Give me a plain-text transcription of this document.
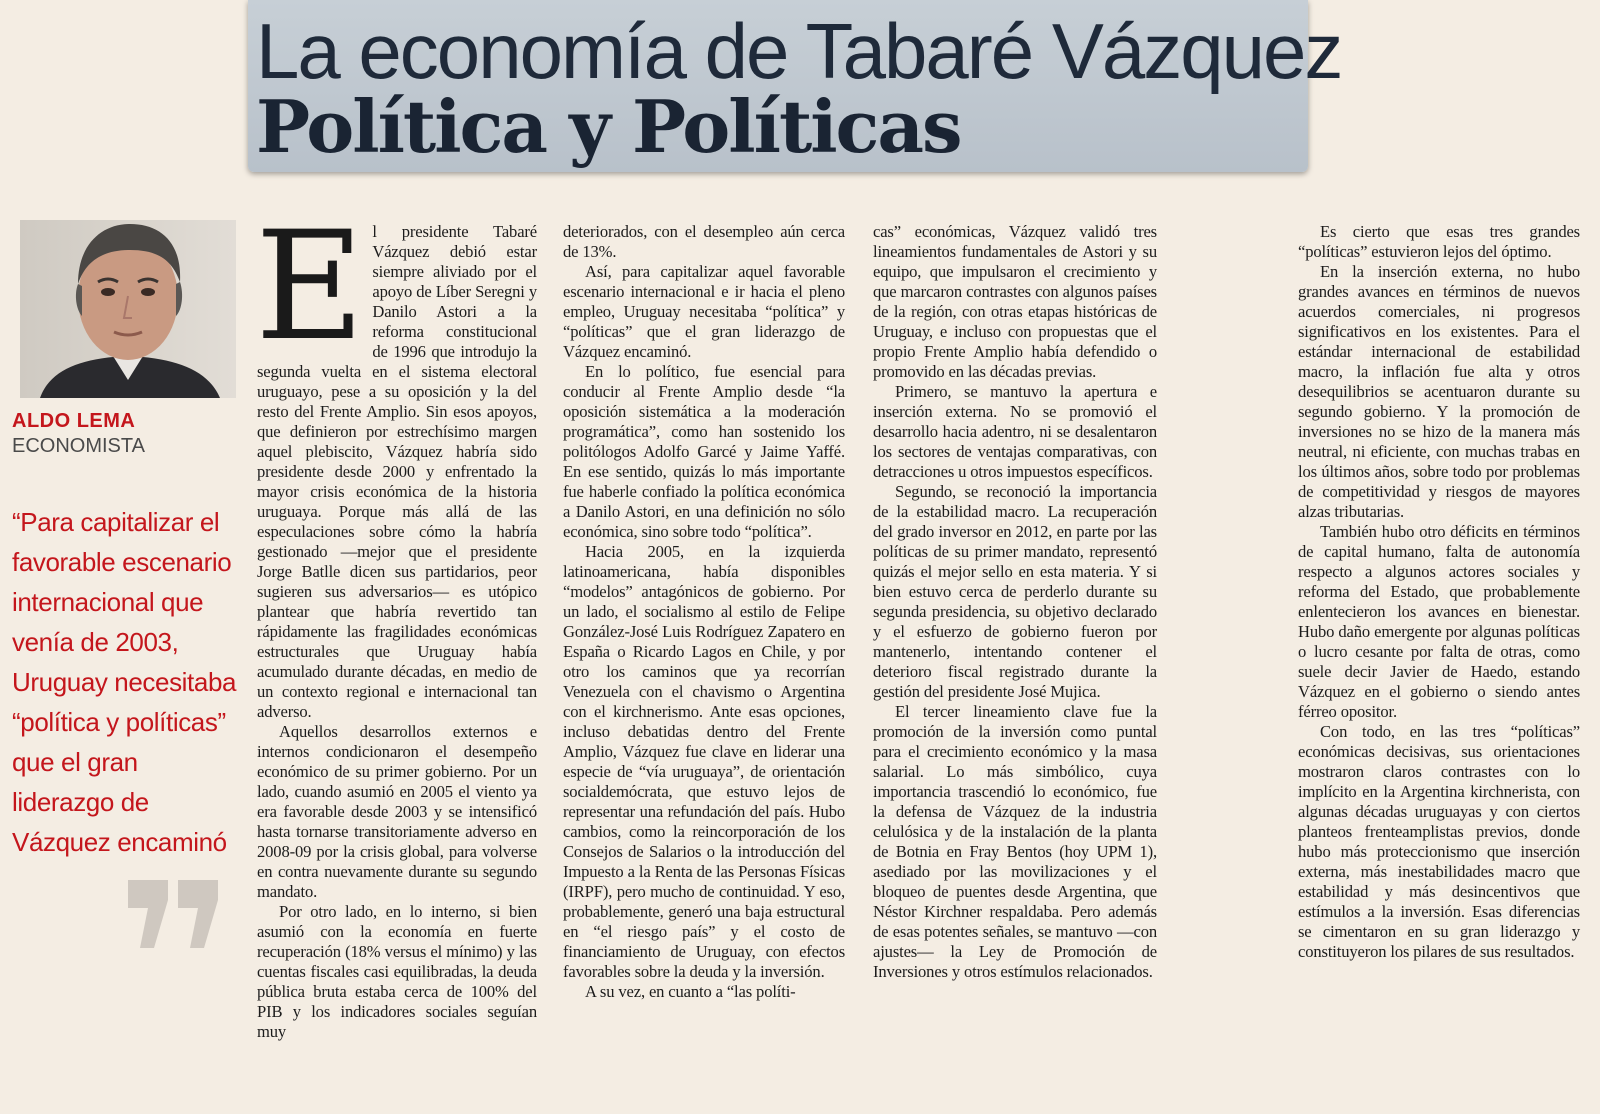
La economía de Tabaré Vázquez
Política y Políticas
ALDO LEMA
ECONOMISTA

“Para capitalizar el favorable escenario internacional que venía de 2003, Uruguay necesitaba “política y políticas” que el gran liderazgo de Vázquez encaminó

E l presidente Tabaré Vázquez debió estar siempre aliviado por el apoyo de Líber Seregni y Danilo Astori a la reforma constitucional de 1996 que introdujo la segunda vuelta en el sistema electoral uruguayo, pese a su oposición y la del resto del Frente Amplio. Sin esos apoyos, que definieron por estrechísimo margen aquel plebiscito, Vázquez habría sido presidente desde 2000 y enfrentado la mayor crisis económica de la historia uruguaya. Porque más allá de las especulaciones sobre cómo la habría gestionado —mejor que el presidente Jorge Batlle dicen sus partidarios, peor sugieren sus adversarios— es utópico plantear que habría revertido tan rápidamente las fragilidades económicas estructurales que Uruguay había acumulado durante décadas, en medio de un contexto regional e internacional tan adverso.

Aquellos desarrollos externos e internos condicionaron el desempeño económico de su primer gobierno. Por un lado, cuando asumió en 2005 el viento ya era favorable desde 2003 y se intensificó hasta tornarse transitoriamente adverso en 2008-09 por la crisis global, para volverse en contra nuevamente durante su segundo mandato.

Por otro lado, en lo interno, si bien asumió con la economía en fuerte recuperación (18% versus el mínimo) y las cuentas fiscales casi equilibradas, la deuda pública bruta estaba cerca de 100% del PIB y los indicadores sociales seguían muy

deteriorados, con el desempleo aún cerca de 13%.

Así, para capitalizar aquel favorable escenario internacional e ir hacia el pleno empleo, Uruguay necesitaba “política” y “políticas” que el gran liderazgo de Vázquez encaminó.

En lo político, fue esencial para conducir al Frente Amplio desde “la oposición sistemática a la moderación programática”, como han sostenido los politólogos Adolfo Garcé y Jaime Yaffé. En ese sentido, quizás lo más importante fue haberle confiado la política económica a Danilo Astori, en una definición no sólo económica, sino sobre todo “política”.

Hacia 2005, en la izquierda latinoamericana, había disponibles “modelos” antagónicos de gobierno. Por un lado, el socialismo al estilo de Felipe González-José Luis Rodríguez Zapatero en España o Ricardo Lagos en Chile, y por otro los caminos que ya recorrían Venezuela con el chavismo o Argentina con el kirchnerismo. Ante esas opciones, incluso debatidas dentro del Frente Amplio, Vázquez fue clave en liderar una especie de “vía uruguaya”, de orientación socialdemócrata, que estuvo lejos de representar una refundación del país. Hubo cambios, como la reincorporación de los Consejos de Salarios o la introducción del Impuesto a la Renta de las Personas Físicas (IRPF), pero mucho de continuidad. Y eso, probablemente, generó una baja estructural en “el riesgo país” y el costo de financiamiento de Uruguay, con efectos favorables sobre la deuda y la inversión.

A su vez, en cuanto a “las políti-

cas” económicas, Vázquez validó tres lineamientos fundamentales de Astori y su equipo, que impulsaron el crecimiento y que marcaron contrastes con algunos países de la región, con otras etapas históricas de Uruguay, e incluso con propuestas que el propio Frente Amplio había defendido o promovido en las décadas previas.

Primero, se mantuvo la apertura e inserción externa. No se promovió el desarrollo hacia adentro, ni se desalentaron los sectores de ventajas comparativas, con detracciones u otros impuestos específicos.

Segundo, se reconoció la importancia de la estabilidad macro. La recuperación del grado inversor en 2012, en parte por las políticas de su primer mandato, representó quizás el mejor sello en esta materia. Y si bien estuvo cerca de perderlo durante su segunda presidencia, su objetivo declarado y el esfuerzo de gobierno fueron por mantenerlo, intentando contener el deterioro fiscal registrado durante la gestión del presidente José Mujica.

El tercer lineamiento clave fue la promoción de la inversión como puntal para el crecimiento económico y la masa salarial. Lo más simbólico, cuya importancia trascendió lo económico, fue la defensa de Vázquez de la industria celulósica y de la instalación de la planta de Botnia en Fray Bentos (hoy UPM 1), asediado por las movilizaciones y el bloqueo de puentes desde Argentina, que Néstor Kirchner respaldaba. Pero además de esas potentes señales, se mantuvo —con ajustes— la Ley de Promoción de Inversiones y otros estímulos relacionados.

Es cierto que esas tres grandes “políticas” estuvieron lejos del óptimo.

En la inserción externa, no hubo grandes avances en términos de nuevos acuerdos comerciales, ni progresos significativos en los existentes. Para el estándar internacional de estabilidad macro, la inflación fue alta y otros desequilibrios se acentuaron durante su segundo gobierno. Y la promoción de inversiones no se hizo de la manera más neutral, ni eficiente, con muchas trabas en los últimos años, sobre todo por problemas de competitividad y riesgos de mayores alzas tributarias.

También hubo otro déficits en términos de capital humano, falta de autonomía respecto a algunos actores sociales y reforma del Estado, que probablemente enlentecieron los avances en bienestar. Hubo daño emergente por algunas políticas o lucro cesante por falta de otras, como suele decir Javier de Haedo, estando Vázquez en el gobierno o siendo antes férreo opositor.

Con todo, en las tres “políticas” económicas decisivas, sus orientaciones mostraron claros contrastes con lo implícito en la Argentina kirchnerista, con algunas décadas uruguayas y con ciertos planteos frenteamplistas previos, donde hubo más proteccionismo que inserción externa, más inestabilidades macro que estabilidad y más desincentivos que estímulos a la inversión. Esas diferencias se cimentaron en su gran liderazgo y constituyeron los pilares de sus resultados.
